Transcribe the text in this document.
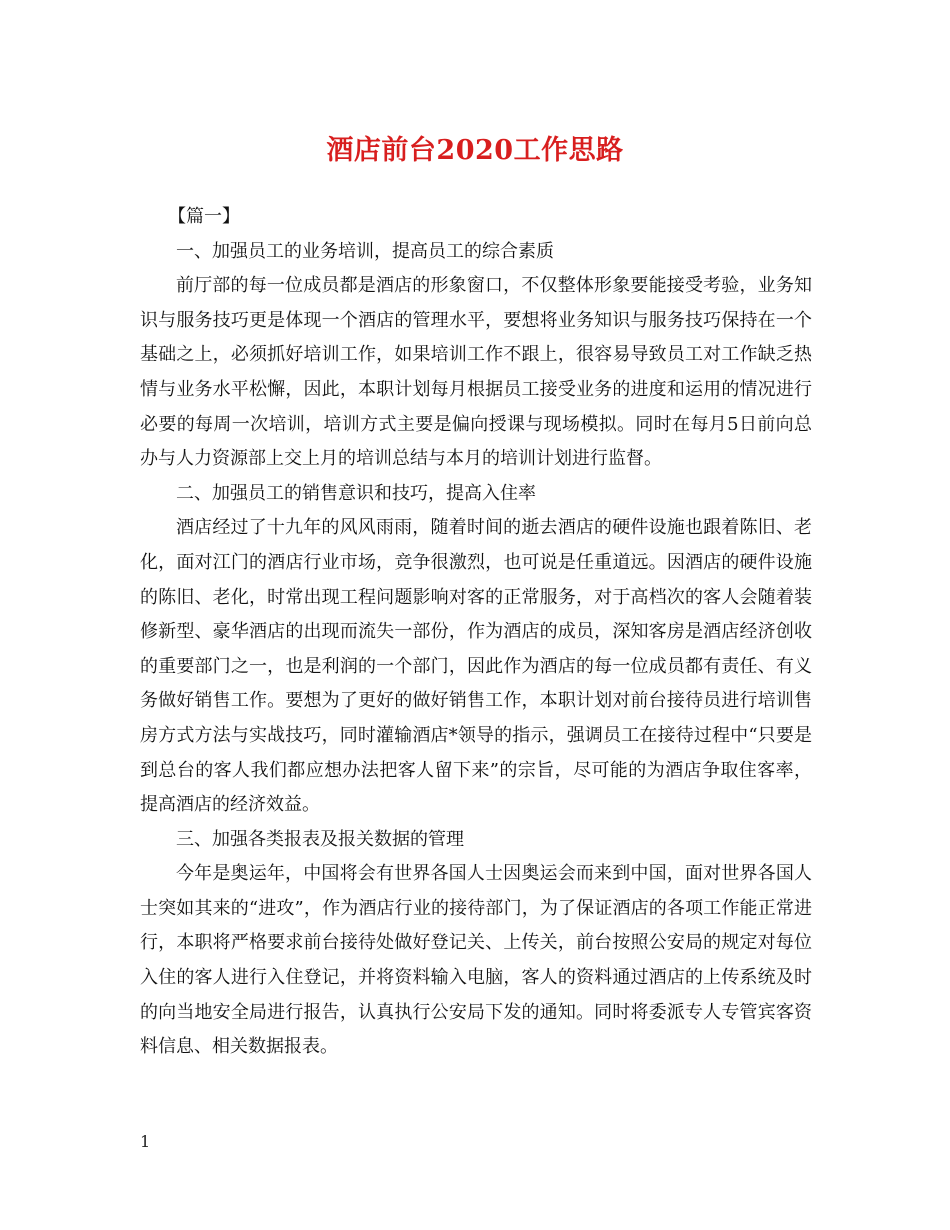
酒店前台2020工作思路

【篇一】

一、加强员工的业务培训，提高员工的综合素质

前厅部的每一位成员都是酒店的形象窗口，不仅整体形象要能接受考验，业务知识与服务技巧更是体现一个酒店的管理水平，要想将业务知识与服务技巧保持在一个基础之上，必须抓好培训工作，如果培训工作不跟上，很容易导致员工对工作缺乏热情与业务水平松懈，因此，本职计划每月根据员工接受业务的进度和运用的情况进行必要的每周一次培训，培训方式主要是偏向授课与现场模拟。同时在每月5日前向总办与人力资源部上交上月的培训总结与本月的培训计划进行监督。

二、加强员工的销售意识和技巧，提高入住率

酒店经过了十九年的风风雨雨，随着时间的逝去酒店的硬件设施也跟着陈旧、老化，面对江门的酒店行业市场，竞争很激烈，也可说是任重道远。因酒店的硬件设施的陈旧、老化，时常出现工程问题影响对客的正常服务，对于高档次的客人会随着装修新型、豪华酒店的出现而流失一部份，作为酒店的成员，深知客房是酒店经济创收的重要部门之一，也是利润的一个部门，因此作为酒店的每一位成员都有责任、有义务做好销售工作。要想为了更好的做好销售工作，本职计划对前台接待员进行培训售房方式方法与实战技巧，同时灌输酒店*领导的指示，强调员工在接待过程中“只要是到总台的客人我们都应想办法把客人留下来”的宗旨，尽可能的为酒店争取住客率，提高酒店的经济效益。

三、加强各类报表及报关数据的管理

今年是奥运年，中国将会有世界各国人士因奥运会而来到中国，面对世界各国人士突如其来的“进攻”，作为酒店行业的接待部门，为了保证酒店的各项工作能正常进行，本职将严格要求前台接待处做好登记关、上传关，前台按照公安局的规定对每位入住的客人进行入住登记，并将资料输入电脑，客人的资料通过酒店的上传系统及时的向当地安全局进行报告，认真执行公安局下发的通知。同时将委派专人专管宾客资料信息、相关数据报表。

1
